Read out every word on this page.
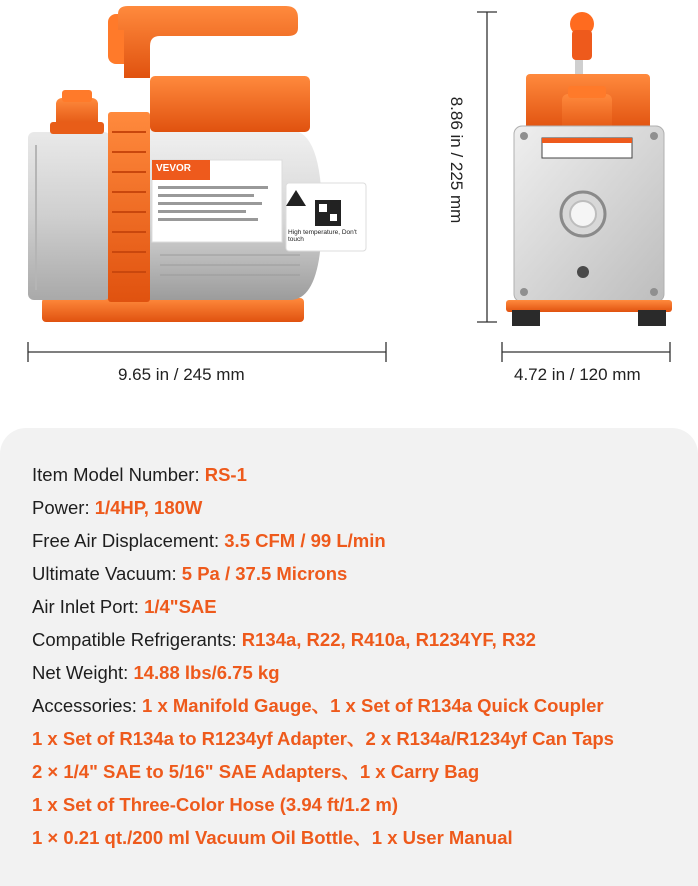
VEVOR
High temperature, Don't touch
9.65 in / 245 mm	4.72 in / 120 mm
8.86 in / 225 mm
Item Model Number: RS-1
Power: 1/4HP, 180W
Free Air Displacement: 3.5 CFM / 99 L/min
Ultimate Vacuum: 5 Pa / 37.5 Microns
Air Inlet Port: 1/4"SAE
Compatible Refrigerants: R134a, R22, R410a, R1234YF, R32
Net Weight: 14.88 lbs/6.75 kg
Accessories: 1 x Manifold Gauge、1 x Set of R134a Quick Coupler
1 x Set of R134a to R1234yf Adapter、2 x R134a/R1234yf Can Taps
2 × 1/4" SAE to 5/16" SAE Adapters、1 x Carry Bag
1 x Set of Three-Color Hose (3.94 ft/1.2 m)
1 × 0.21 qt./200 ml Vacuum Oil Bottle、1 x User Manual
